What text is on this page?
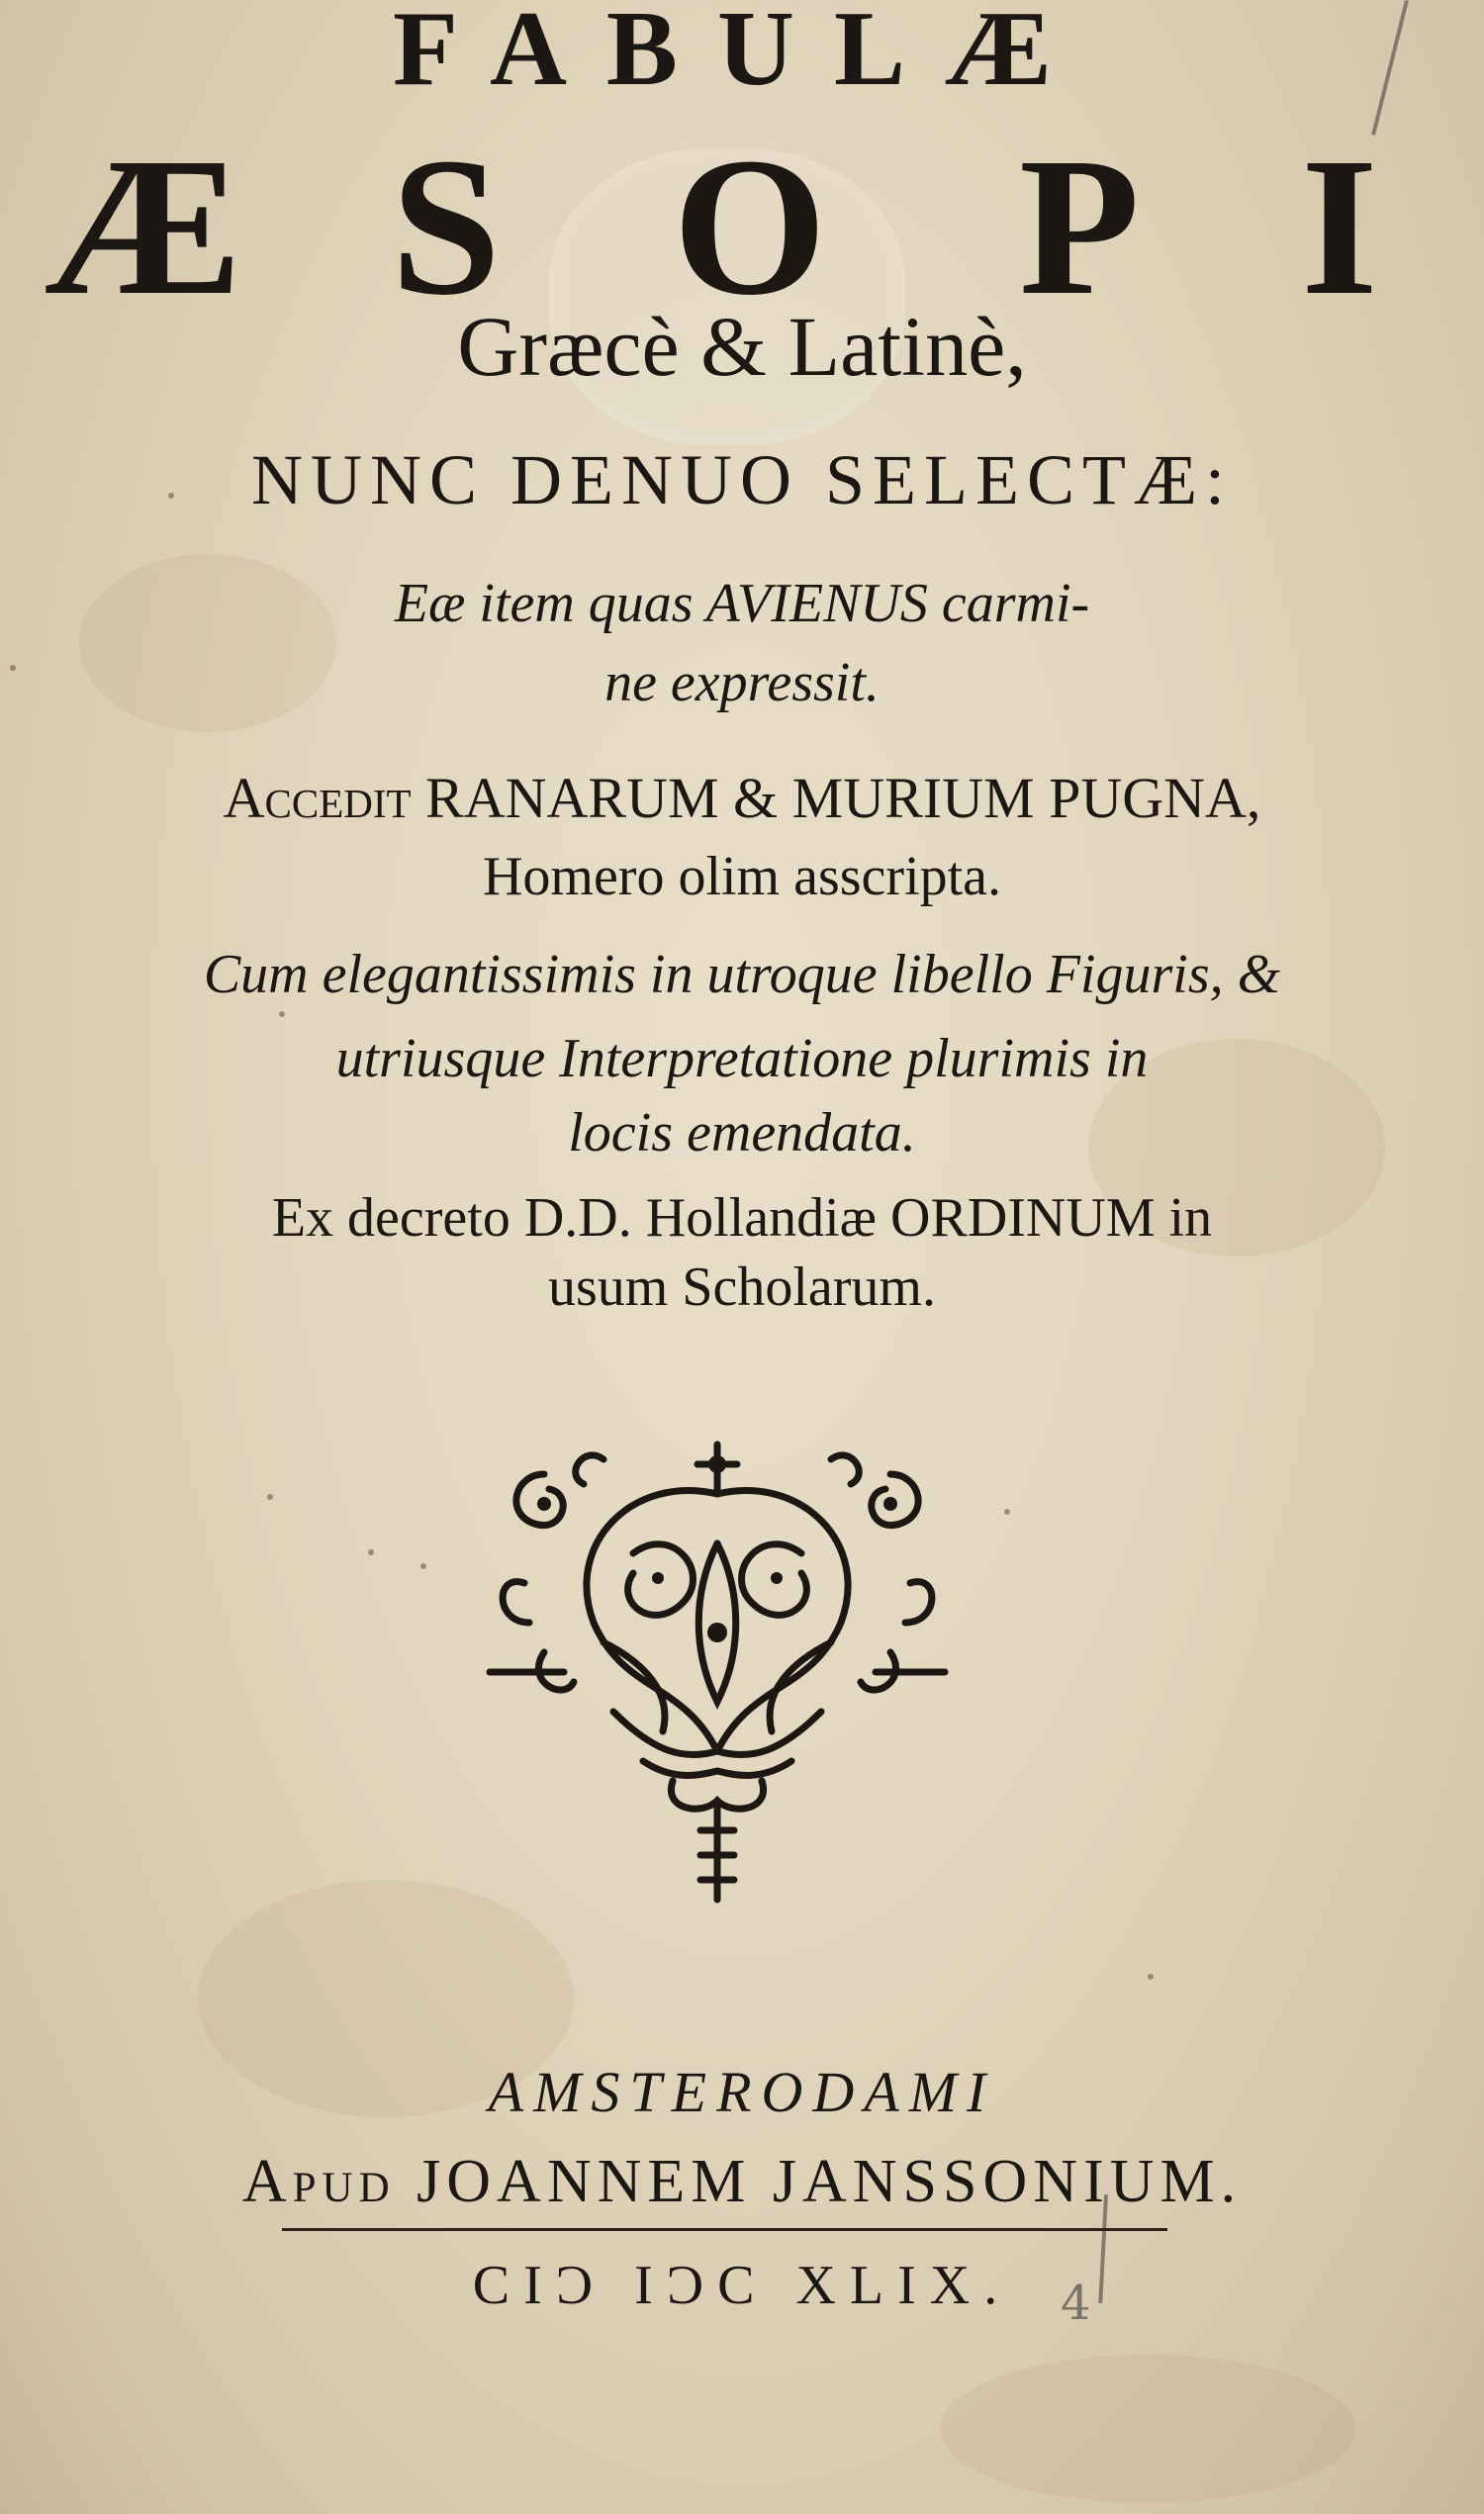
4
FABULÆ
Æ S O P I
Græcè & Latinè,
NUNC DENUO SELECTÆ:
Eæ item quas AVIENUS carmi-
ne expressit.
Accedit RANARUM & MURIUM PUGNA,
Homero olim asscripta.
Cum elegantissimis in utroque libello Figuris, &
utriusque Interpretatione plurimis in
locis emendata.
Ex decreto D.D. Hollandiæ ORDINUM in
usum Scholarum.
AMSTERODAMI
Apud JOANNEM JANSSONIUM.
CIƆ IƆC XLIX.
